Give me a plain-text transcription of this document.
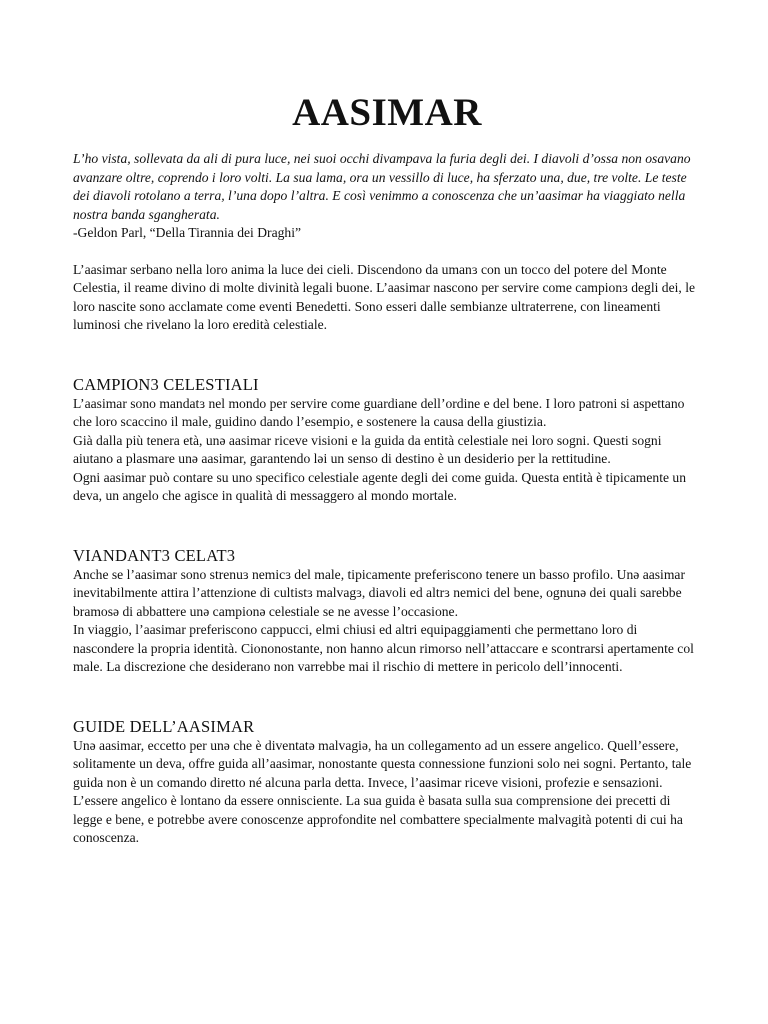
AASIMAR

L’ho vista, sollevata da ali di pura luce, nei suoi occhi divampava la furia degli dei. I diavoli d’ossa non osavano avanzare oltre, coprendo i loro volti. La sua lama, ora un vessillo di luce, ha sferzato una, due, tre volte. Le teste dei diavoli rotolano a terra, l’una dopo l’altra. E così venimmo a conoscenza che un’aasimar ha viaggiato nella nostra banda sgangherata.

-Geldon Parl, “Della Tirannia dei Draghi”

L’aasimar serbano nella loro anima la luce dei cieli. Discendono da umanɜ con un tocco del potere del Monte Celestia, il reame divino di molte divinità legali buone. L’aasimar nascono per servire come campionɜ degli dei, le loro nascite sono acclamate come eventi Benedetti. Sono esseri dalle sembianze ultraterrene, con lineamenti luminosi che rivelano la loro eredità celestiale.

CAMPION3 CELESTIALI

L’aasimar sono mandatɜ nel mondo per servire come guardiane dell’ordine e del bene. I loro patroni si aspettano che loro scaccino il male, guidino dando l’esempio, e sostenere la causa della giustizia.

Già dalla più tenera età, unə aasimar riceve visioni e la guida da entità celestiale nei loro sogni. Questi sogni aiutano a plasmare unə aasimar, garantendo ləi un senso di destino è un desiderio per la rettitudine.

Ogni aasimar può contare su uno specifico celestiale agente degli dei come guida. Questa entità è tipicamente un deva, un angelo che agisce in qualità di messaggero al mondo mortale.

VIANDANT3 CELAT3

Anche se l’aasimar sono strenuɜ nemicɜ del male, tipicamente preferiscono tenere un basso profilo. Unə aasimar inevitabilmente attira l’attenzione di cultistɜ malvagɜ, diavoli ed altrɜ nemici del bene, ognunə dei quali sarebbe bramosə di abbattere unə campionə celestiale se ne avesse l’occasione.

In viaggio, l’aasimar preferiscono cappucci, elmi chiusi ed altri equipaggiamenti che permettano loro di nascondere la propria identità. Ciononostante, non hanno alcun rimorso nell’attaccare e scontrarsi apertamente col male. La discrezione che desiderano non varrebbe mai il rischio di mettere in pericolo dell’innocenti.

GUIDE DELL’AASIMAR

Unə aasimar, eccetto per unə che è diventatə malvagiə, ha un collegamento ad un essere angelico. Quell’essere, solitamente un deva, offre guida all’aasimar, nonostante questa connessione funzioni solo nei sogni. Pertanto, tale guida non è un comando diretto né alcuna parla detta. Invece, l’aasimar riceve visioni, profezie e sensazioni.

L’essere angelico è lontano da essere onnisciente. La sua guida è basata sulla sua comprensione dei precetti di legge e bene, e potrebbe avere conoscenze approfondite nel combattere specialmente malvagità potenti di cui ha conoscenza.
